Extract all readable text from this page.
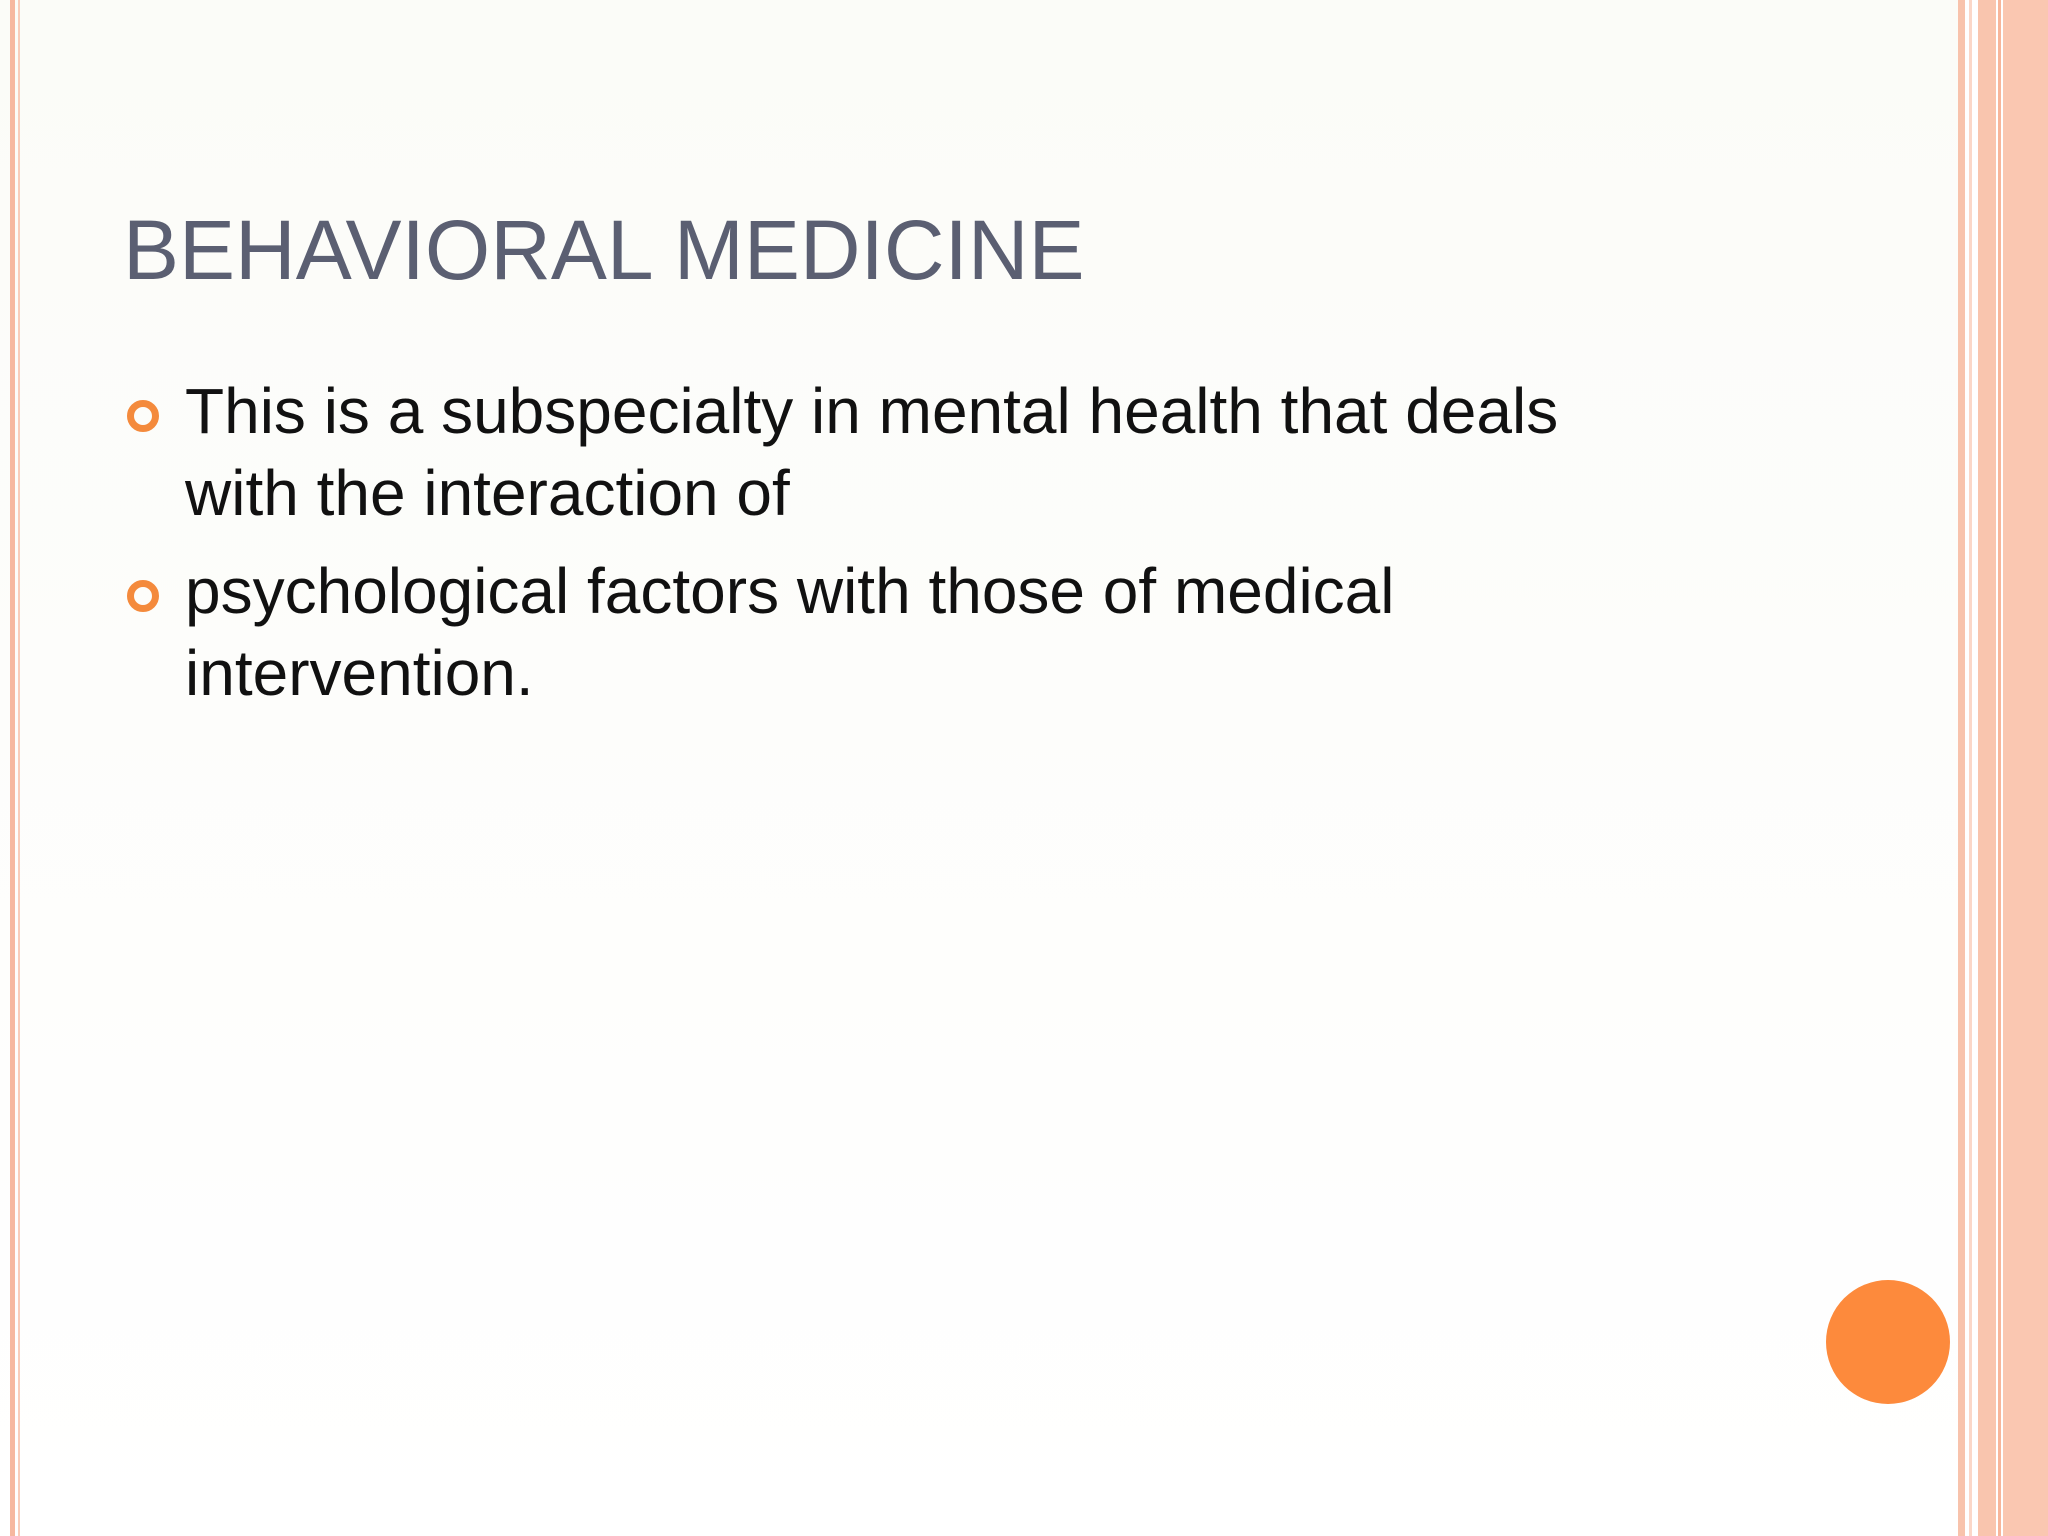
BEHAVIORAL MEDICINE
This is a subspecialty in mental health that deals with the interaction of
psychological factors with those of medical intervention.
